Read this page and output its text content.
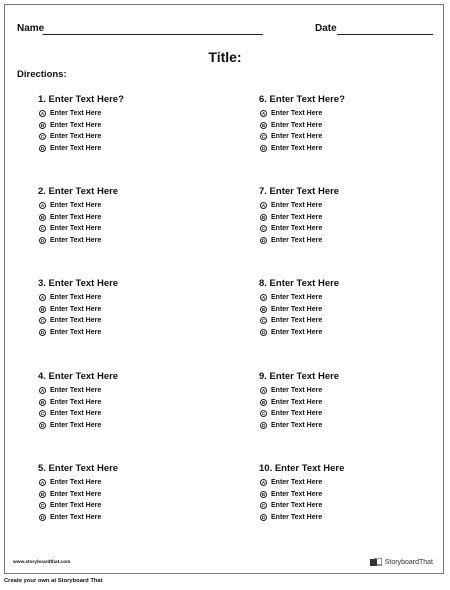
Name	Date
Title:
Directions:
1. Enter Text Here?
A Enter Text Here
B Enter Text Here
C Enter Text Here
D Enter Text Here
2. Enter Text Here
A Enter Text Here
B Enter Text Here
C Enter Text Here
D Enter Text Here
3. Enter Text Here
A Enter Text Here
B Enter Text Here
C Enter Text Here
D Enter Text Here
4. Enter Text Here
A Enter Text Here
B Enter Text Here
C Enter Text Here
D Enter Text Here
5. Enter Text Here
A Enter Text Here
B Enter Text Here
C Enter Text Here
D Enter Text Here
6. Enter Text Here?
A Enter Text Here
B Enter Text Here
C Enter Text Here
D Enter Text Here
7. Enter Text Here
A Enter Text Here
B Enter Text Here
C Enter Text Here
D Enter Text Here
8. Enter Text Here
A Enter Text Here
B Enter Text Here
C Enter Text Here
D Enter Text Here
9. Enter Text Here
A Enter Text Here
B Enter Text Here
C Enter Text Here
D Enter Text Here
10. Enter Text Here
A Enter Text Here
B Enter Text Here
C Enter Text Here
D Enter Text Here
www.storyboardthat.com	Storyboard That
Create your own at Storyboard That
